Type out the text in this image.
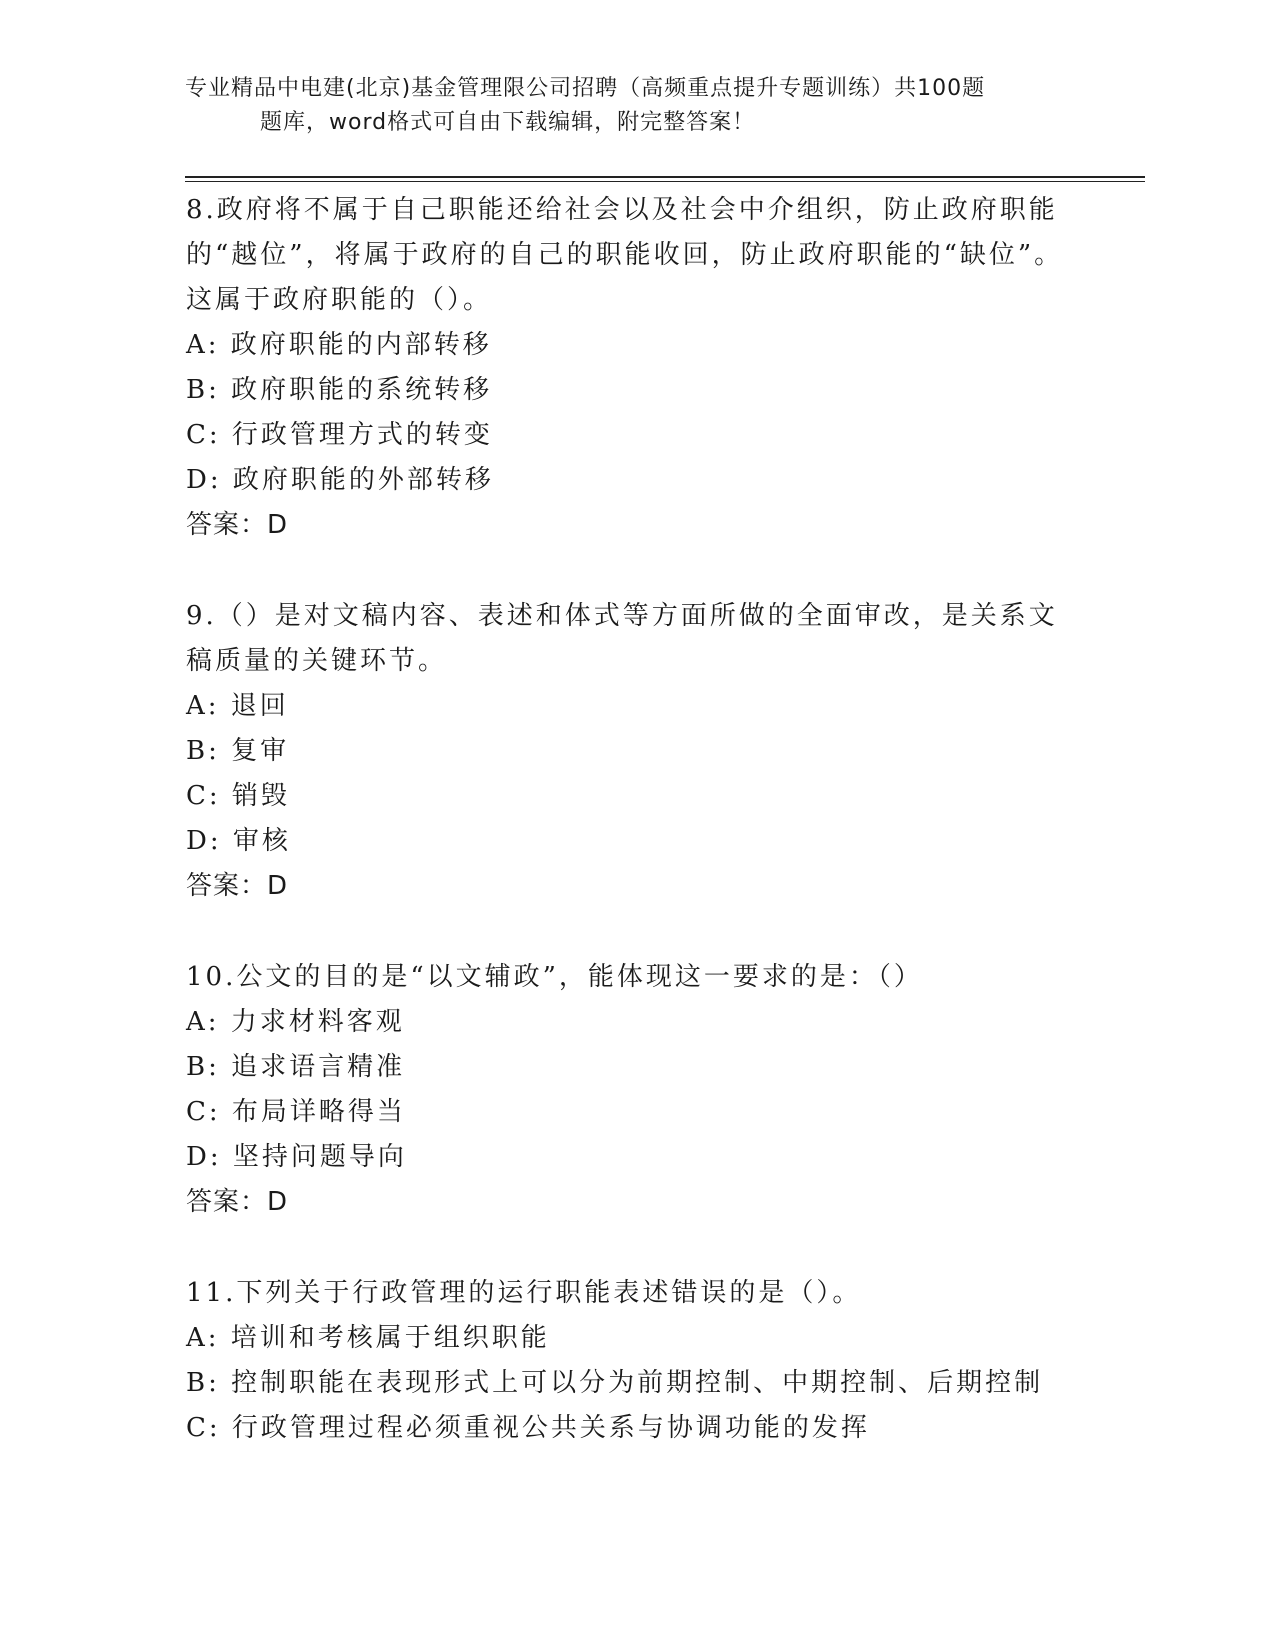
专业精品中电建(北京)基金管理限公司招聘（高频重点提升专题训练）共100题
题库，word格式可自由下载编辑，附完整答案！

8.政府将不属于自己职能还给社会以及社会中介组织，防止政府职能的“越位”，将属于政府的自己的职能收回，防止政府职能的“缺位”。这属于政府职能的（）。

A: 政府职能的内部转移

B: 政府职能的系统转移

C: 行政管理方式的转变

D: 政府职能的外部转移

答案：D

9.（）是对文稿内容、表述和体式等方面所做的全面审改，是关系文稿质量的关键环节。

A: 退回

B: 复审

C: 销毁

D: 审核

答案：D

10.公文的目的是“以文辅政”，能体现这一要求的是：（）

A: 力求材料客观

B: 追求语言精准

C: 布局详略得当

D: 坚持问题导向

答案：D

11.下列关于行政管理的运行职能表述错误的是（）。

A: 培训和考核属于组织职能

B: 控制职能在表现形式上可以分为前期控制、中期控制、后期控制

C: 行政管理过程必须重视公共关系与协调功能的发挥
